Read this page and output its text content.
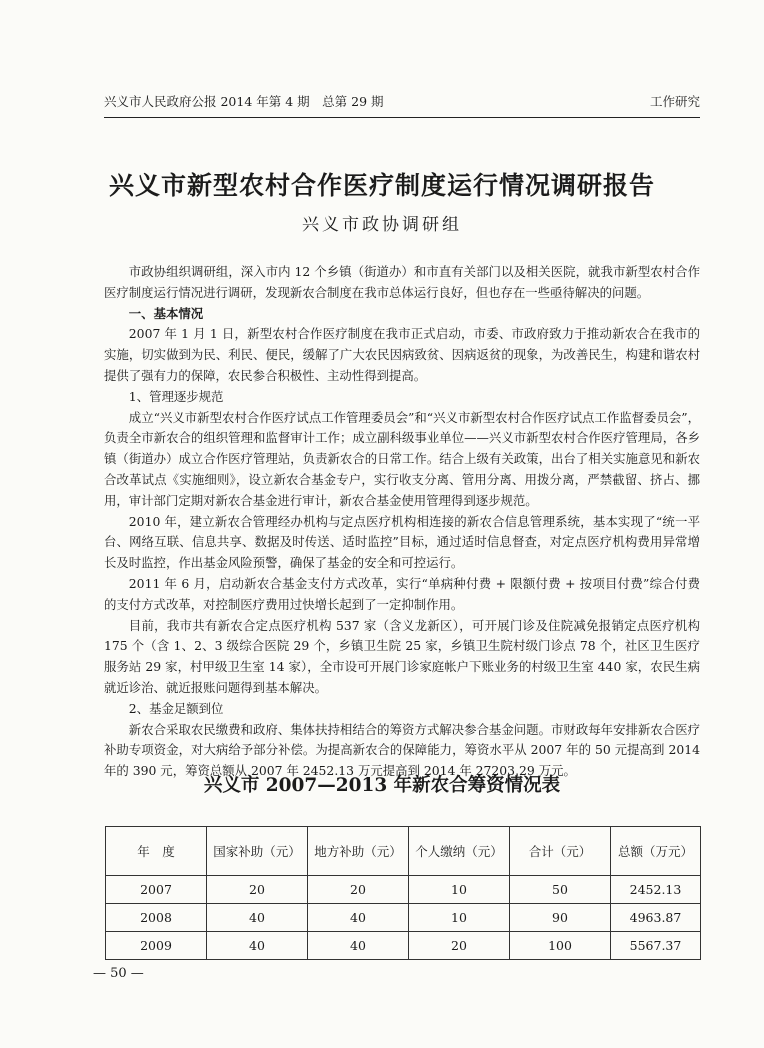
兴义市人民政府公报 2014 年第 4 期　总第 29 期	工作研究
兴义市新型农村合作医疗制度运行情况调研报告
兴义市政协调研组

市政协组织调研组，深入市内 12 个乡镇（街道办）和市直有关部门以及相关医院，就我市新型农村合作医疗制度运行情况进行调研，发现新农合制度在我市总体运行良好，但也存在一些亟待解决的问题。

一、基本情况

2007 年 1 月 1 日，新型农村合作医疗制度在我市正式启动，市委、市政府致力于推动新农合在我市的实施，切实做到为民、利民、便民，缓解了广大农民因病致贫、因病返贫的现象，为改善民生，构建和谐农村提供了强有力的保障，农民参合积极性、主动性得到提高。

1、管理逐步规范

成立“兴义市新型农村合作医疗试点工作管理委员会”和“兴义市新型农村合作医疗试点工作监督委员会”，负责全市新农合的组织管理和监督审计工作；成立副科级事业单位——兴义市新型农村合作医疗管理局，各乡镇（街道办）成立合作医疗管理站，负责新农合的日常工作。结合上级有关政策，出台了相关实施意见和新农合改革试点《实施细则》，设立新农合基金专户，实行收支分离、管用分离、用拨分离，严禁截留、挤占、挪用，审计部门定期对新农合基金进行审计，新农合基金使用管理得到逐步规范。

2010 年，建立新农合管理经办机构与定点医疗机构相连接的新农合信息管理系统，基本实现了“统一平台、网络互联、信息共享、数据及时传送、适时监控”目标，通过适时信息督查，对定点医疗机构费用异常增长及时监控，作出基金风险预警，确保了基金的安全和可控运行。

2011 年 6 月，启动新农合基金支付方式改革，实行“单病种付费 + 限额付费 + 按项目付费”综合付费的支付方式改革，对控制医疗费用过快增长起到了一定抑制作用。

目前，我市共有新农合定点医疗机构 537 家（含义龙新区），可开展门诊及住院减免报销定点医疗机构 175 个（含 1、2、3 级综合医院 29 个，乡镇卫生院 25 家，乡镇卫生院村级门诊点 78 个，社区卫生医疗服务站 29 家，村甲级卫生室 14 家），全市设可开展门诊家庭帐户下账业务的村级卫生室 440 家，农民生病就近诊治、就近报账问题得到基本解决。

2、基金足额到位

新农合采取农民缴费和政府、集体扶持相结合的筹资方式解决参合基金问题。市财政每年安排新农合医疗补助专项资金，对大病给予部分补偿。为提高新农合的保障能力，筹资水平从 2007 年的 50 元提高到 2014 年的 390 元，筹资总额从 2007 年 2452.13 万元提高到 2014 年 27203.29 万元。

兴义市 2007—2013 年新农合筹资情况表
年　度	国家补助（元）	地方补助（元）	个人缴纳（元）	合计（元）	总额（万元）
2007	20	20	10	50	2452.13
2008	40	40	10	90	4963.87
2009	40	40	20	100	5567.37
— 50 —
